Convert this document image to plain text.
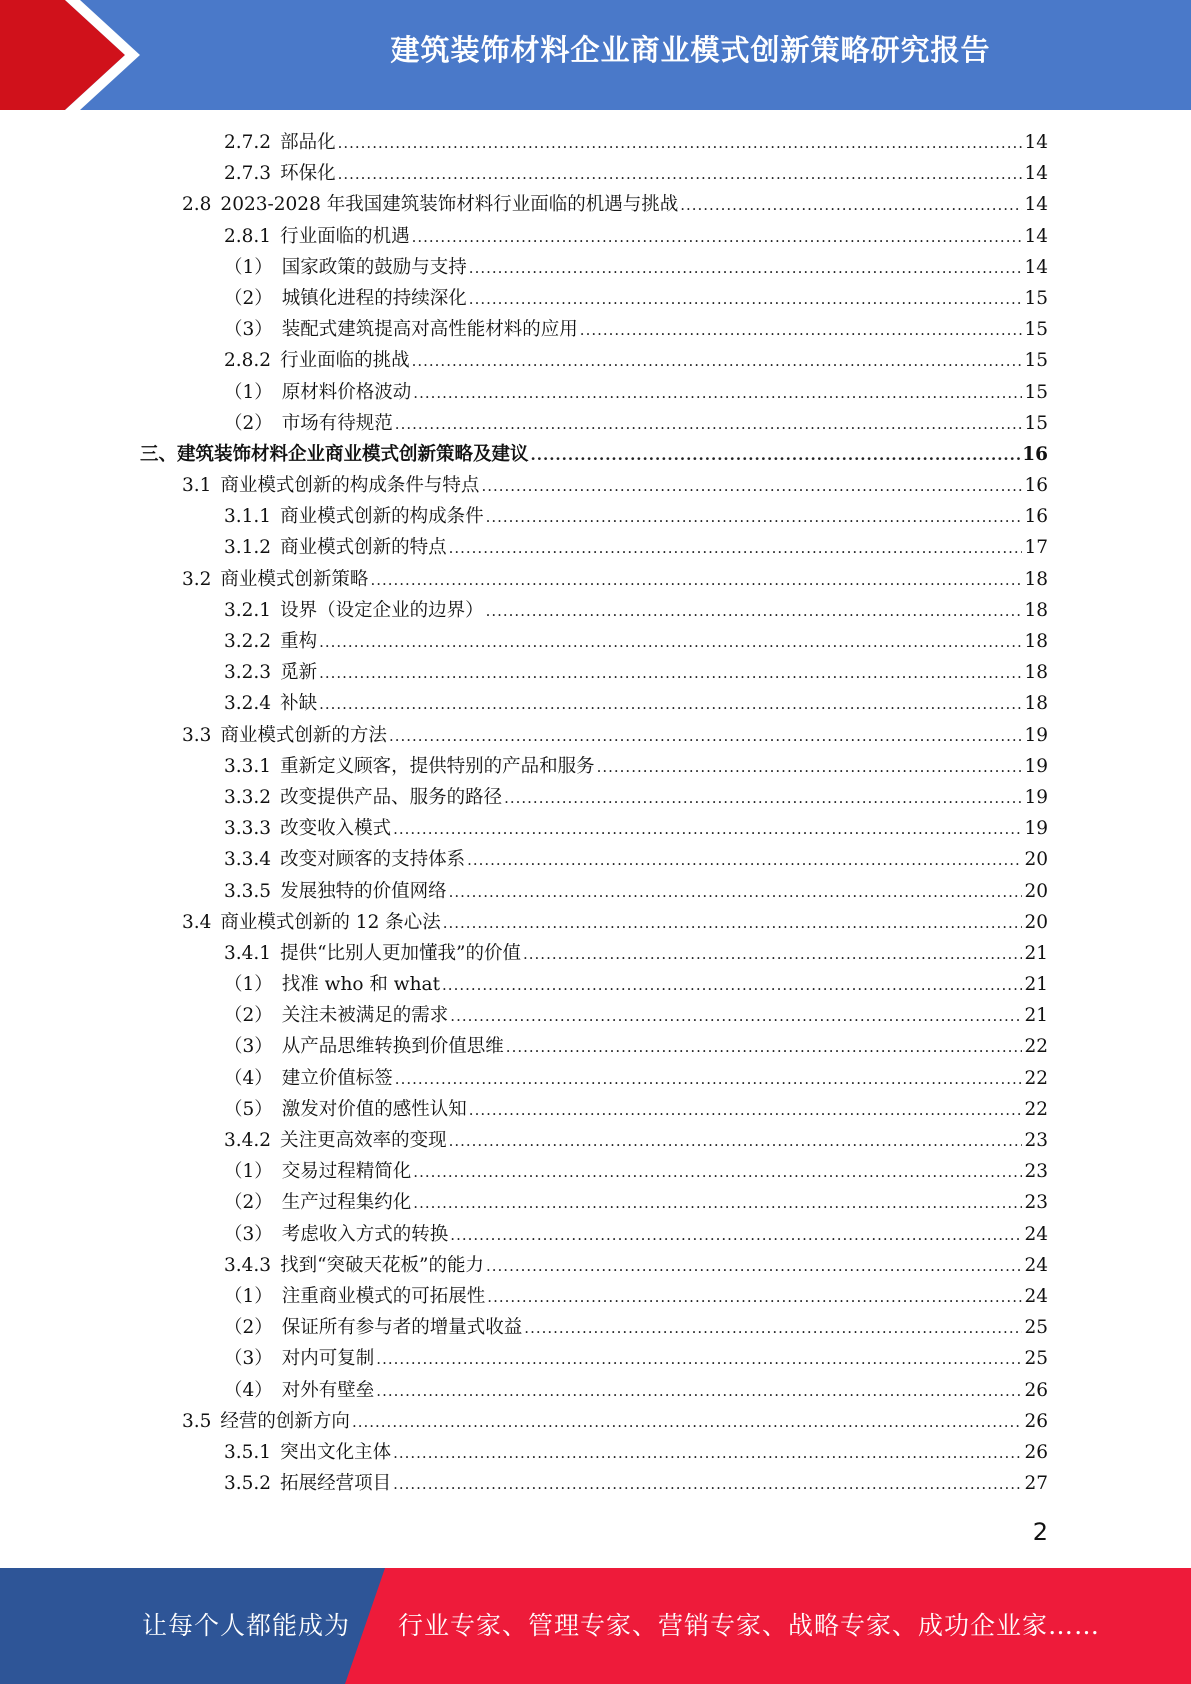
建筑装饰材料企业商业模式创新策略研究报告
2.7.2 部品化 .....	14
2.7.3 环保化 .....	14
2.8 2023-2028 年我国建筑装饰材料行业面临的机遇与挑战 .....	14
2.8.1 行业面临的机遇 .....	14
（1） 国家政策的鼓励与支持 .....	14
（2） 城镇化进程的持续深化 .....	15
（3） 装配式建筑提高对高性能材料的应用 .....	15
2.8.2 行业面临的挑战 .....	15
（1） 原材料价格波动 .....	15
（2） 市场有待规范 .....	15
三、 建筑装饰材料企业商业模式创新策略及建议 .....	16
3.1 商业模式创新的构成条件与特点 .....	16
3.1.1 商业模式创新的构成条件 .....	16
3.1.2 商业模式创新的特点 .....	17
3.2 商业模式创新策略 .....	18
3.2.1 设界（设定企业的边界） .....	18
3.2.2 重构 .....	18
3.2.3 觅新 .....	18
3.2.4 补缺 .....	18
3.3 商业模式创新的方法 .....	19
3.3.1 重新定义顾客，提供特别的产品和服务 .....	19
3.3.2 改变提供产品、服务的路径 .....	19
3.3.3 改变收入模式 .....	19
3.3.4 改变对顾客的支持体系 .....	20
3.3.5 发展独特的价值网络 .....	20
3.4 商业模式创新的 12 条心法 .....	20
3.4.1 提供“比别人更加懂我”的价值 .....	21
（1） 找准 who 和 what .....	21
（2） 关注未被满足的需求 .....	21
（3） 从产品思维转换到价值思维 .....	22
（4） 建立价值标签 .....	22
（5） 激发对价值的感性认知 .....	22
3.4.2 关注更高效率的变现 .....	23
（1） 交易过程精简化 .....	23
（2） 生产过程集约化 .....	23
（3） 考虑收入方式的转换 .....	24
3.4.3 找到“突破天花板”的能力 .....	24
（1） 注重商业模式的可拓展性 .....	24
（2） 保证所有参与者的增量式收益 .....	25
（3） 对内可复制 .....	25
（4） 对外有壁垒 .....	26
3.5 经营的创新方向 .....	26
3.5.1 突出文化主体 .....	26
3.5.2 拓展经营项目 .....	27
2
让每个人都能成为 行业专家、管理专家、营销专家、战略专家、成功企业家……
